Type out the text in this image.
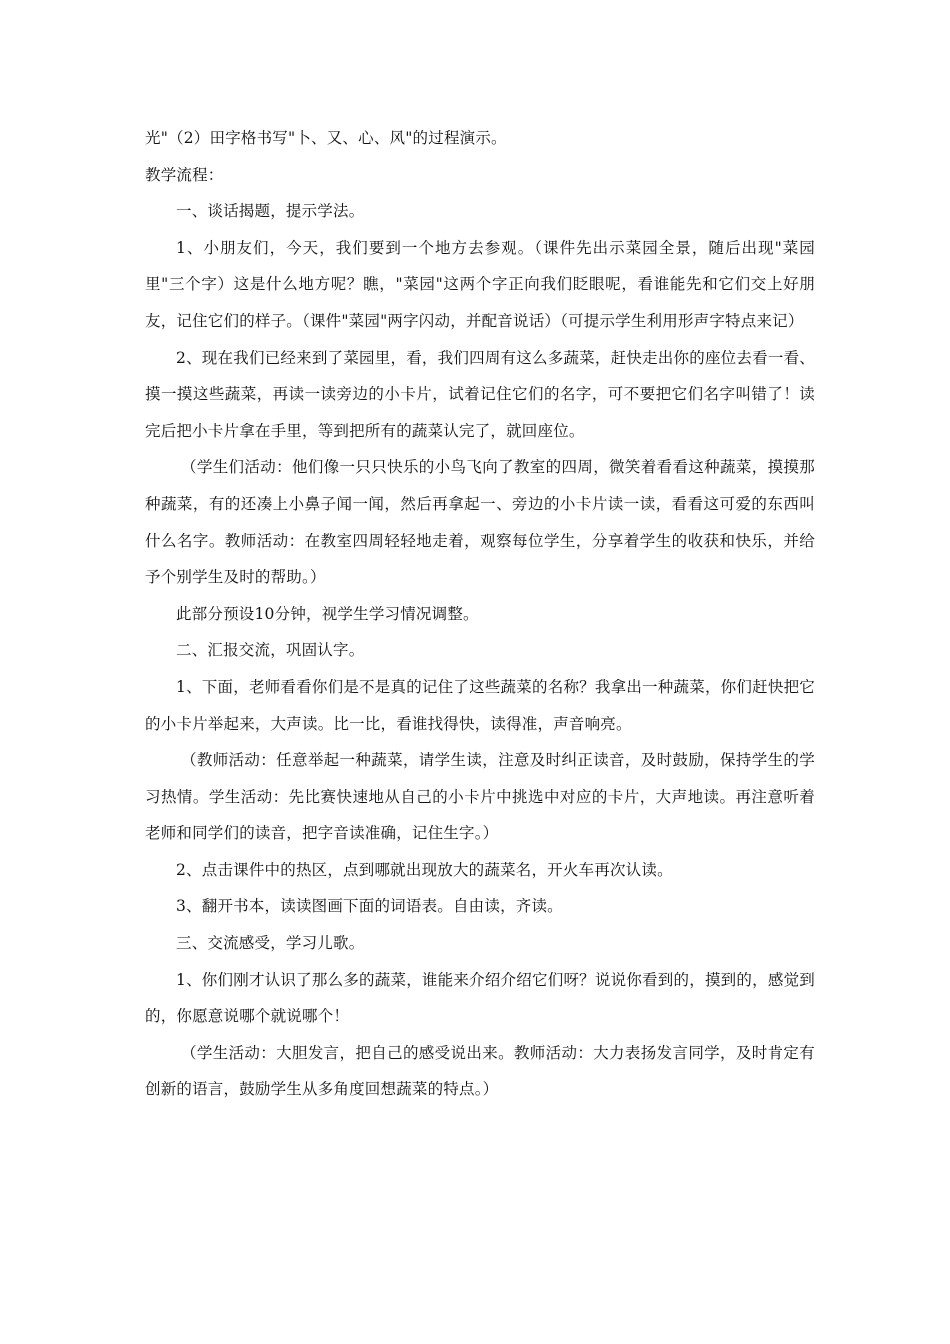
光"（2）田字格书写"卜、又、心、风"的过程演示。

教学流程：

一、谈话揭题，提示学法。

1、小朋友们，今天，我们要到一个地方去参观。（课件先出示菜园全景，随后出现"菜园里"三个字）这是什么地方呢？瞧，"菜园"这两个字正向我们眨眼呢，看谁能先和它们交上好朋友，记住它们的样子。（课件"菜园"两字闪动，并配音说话）（可提示学生利用形声字特点来记）

2、现在我们已经来到了菜园里，看，我们四周有这么多蔬菜，赶快走出你的座位去看一看、摸一摸这些蔬菜，再读一读旁边的小卡片，试着记住它们的名字，可不要把它们名字叫错了！读完后把小卡片拿在手里，等到把所有的蔬菜认完了，就回座位。

（学生们活动：他们像一只只快乐的小鸟飞向了教室的四周，微笑着看看这种蔬菜，摸摸那种蔬菜，有的还凑上小鼻子闻一闻，然后再拿起一、旁边的小卡片读一读，看看这可爱的东西叫什么名字。教师活动：在教室四周轻轻地走着，观察每位学生，分享着学生的收获和快乐，并给予个别学生及时的帮助。）

此部分预设10分钟，视学生学习情况调整。

二、汇报交流，巩固认字。

1、下面，老师看看你们是不是真的记住了这些蔬菜的名称？我拿出一种蔬菜，你们赶快把它的小卡片举起来，大声读。比一比，看谁找得快，读得准，声音响亮。

（教师活动：任意举起一种蔬菜，请学生读，注意及时纠正读音，及时鼓励，保持学生的学习热情。学生活动：先比赛快速地从自己的小卡片中挑选中对应的卡片，大声地读。再注意听着老师和同学们的读音，把字音读准确，记住生字。）

2、点击课件中的热区，点到哪就出现放大的蔬菜名，开火车再次认读。

3、翻开书本，读读图画下面的词语表。自由读，齐读。

三、交流感受，学习儿歌。

1、你们刚才认识了那么多的蔬菜，谁能来介绍介绍它们呀？说说你看到的，摸到的，感觉到的，你愿意说哪个就说哪个！

（学生活动：大胆发言，把自己的感受说出来。教师活动：大力表扬发言同学，及时肯定有创新的语言，鼓励学生从多角度回想蔬菜的特点。）
